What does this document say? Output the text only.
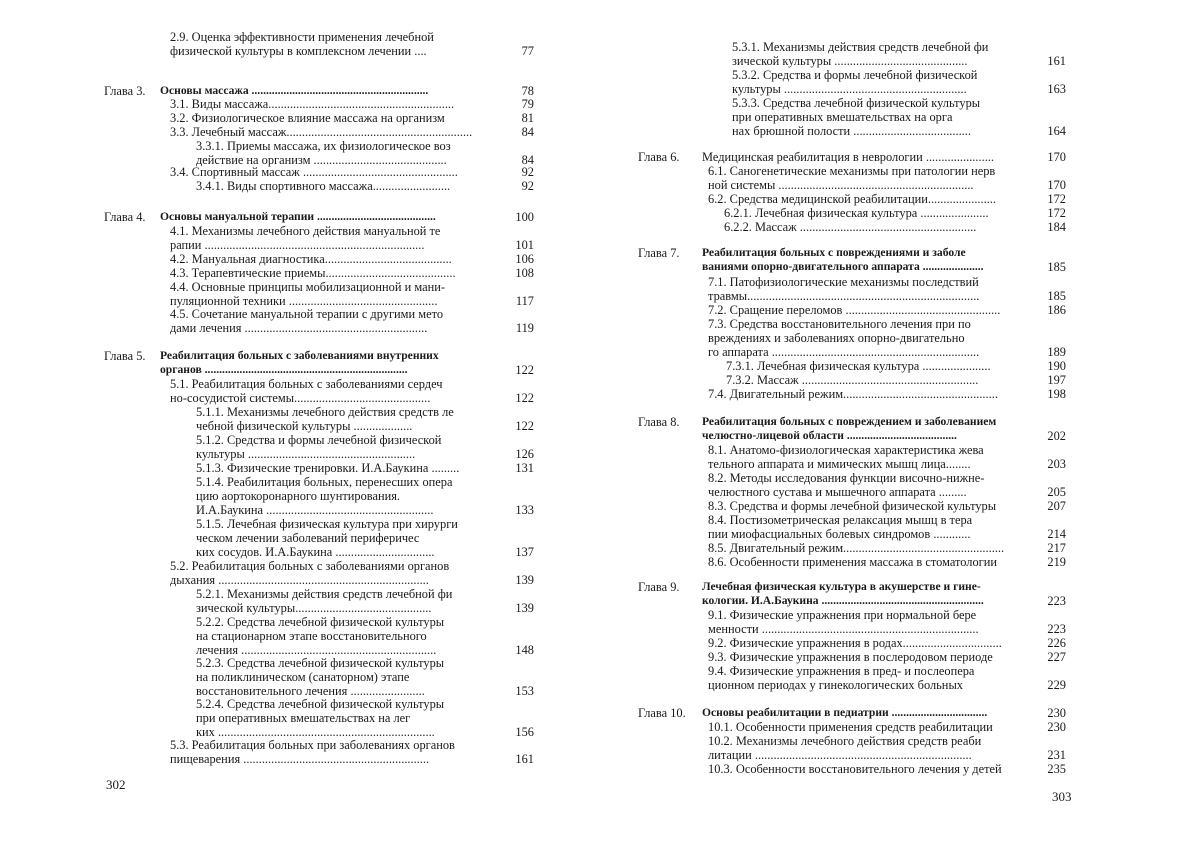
302
2.9. Оценка эффективности применения лечебной
физической культуры в комплексном лечении ....	77
Глава 3. Основы массажа .............................................................	78
3.1. Виды массажа............................................................	79
3.2. Физиологическое влияние массажа на организм	81
3.3. Лечебный массаж............................................................	84
3.3.1. Приемы массажа, их физиологическое воз
действие на организм ...........................................	84
3.4. Спортивный массаж ..................................................	92
3.4.1. Виды спортивного массажа.........................	92
Глава 4. Основы мануальной терапии .........................................	100
4.1. Механизмы лечебного действия мануальной те
рапии .......................................................................	101
4.2. Мануальная диагностика.........................................	106
4.3. Терапевтические приемы..........................................	108
4.4. Основные принципы мобилизационной и мани-
пуляционной техники ................................................	117
4.5. Сочетание мануальной терапии с другими мето
дами лечения ...........................................................	119
Глава 5. Реабилитация больных с заболеваниями внутренних
органов ......................................................................	122
5.1. Реабилитация больных с заболеваниями сердеч
но-сосудистой системы............................................	122
5.1.1. Механизмы лечебного действия средств ле
чебной физической культуры ...................	122
5.1.2. Средства и формы лечебной физической
культуры ......................................................	126
5.1.3. Физические тренировки. И.А.Баукина .........	131
5.1.4. Реабилитация больных, перенесших опера
цию аортокоронарного шунтирования.
И.А.Баукина ......................................................	133
5.1.5. Лечебная физическая культура при хирурги
ческом лечении заболеваний периферичес
ких сосудов. И.А.Баукина ................................	137
5.2. Реабилитация больных с заболеваниями органов
дыхания ....................................................................	139
5.2.1. Механизмы действия средств лечебной фи
зической культуры............................................	139
5.2.2. Средства лечебной физической культуры
на стационарном этапе восстановительного
лечения ...............................................................	148
5.2.3. Средства лечебной физической культуры
на поликлиническом (санаторном) этапе
восстановительного лечения ........................	153
5.2.4. Средства лечебной физической культуры
при оперативных вмешательствах на лег
ких ......................................................................	156
5.3. Реабилитация больных при заболеваниях органов
пищеварения ............................................................	161
303
5.3.1. Механизмы действия средств лечебной фи
зической культуры ...........................................	161
5.3.2. Средства и формы лечебной физической
культуры ...........................................................	163
5.3.3. Средства лечебной физической культуры
при оперативных вмешательствах на орга
нах брюшной полости ......................................	164
Глава 6. Медицинская реабилитация в неврологии ......................	170
6.1. Саногенетические механизмы при патологии нерв
ной системы ...............................................................	170
6.2. Средства медицинской реабилитации......................	172
6.2.1. Лечебная физическая культура ......................	172
6.2.2. Массаж .........................................................	184
Глава 7. Реабилитация больных с повреждениями и заболе
ваниями опорно-двигательного аппарата .....................	185
7.1. Патофизиологические механизмы последствий
травмы...........................................................................	185
7.2. Сращение переломов ..................................................	186
7.3. Средства восстановительного лечения при по
вреждениях и заболеваниях опорно-двигательно
го аппарата ...................................................................	189
7.3.1. Лечебная физическая культура ......................	190
7.3.2. Массаж .........................................................	197
7.4. Двигательный режим..................................................	198
Глава 8. Реабилитация больных с повреждением и заболеванием
челюстно-лицевой области ......................................	202
8.1. Анатомо-физиологическая характеристика жева
тельного аппарата и мимических мышц лица........	203
8.2. Методы исследования функции височно-нижне-
челюстного сустава и мышечного аппарата .........	205
8.3. Средства и формы лечебной физической культуры	207
8.4. Постизометрическая релаксация мышц в тера
пии миофасциальных болевых синдромов ............	214
8.5. Двигательный режим....................................................	217
8.6. Особенности применения массажа в стоматологии	219
Глава 9. Лечебная физическая культура в акушерстве и гине-
кологии. И.А.Баукина ........................................................	223
9.1. Физические упражнения при нормальной бере
менности ......................................................................	223
9.2. Физические упражнения в родах................................	226
9.3. Физические упражнения в послеродовом периоде	227
9.4. Физические упражнения в пред- и послеопера
ционном периодах у гинекологических больных	229
Глава 10. Основы реабилитации в педиатрии .................................	230
10.1. Особенности применения средств реабилитации	230
10.2. Механизмы лечебного действия средств реаби
литации ......................................................................	231
10.3. Особенности восстановительного лечения у детей	235
